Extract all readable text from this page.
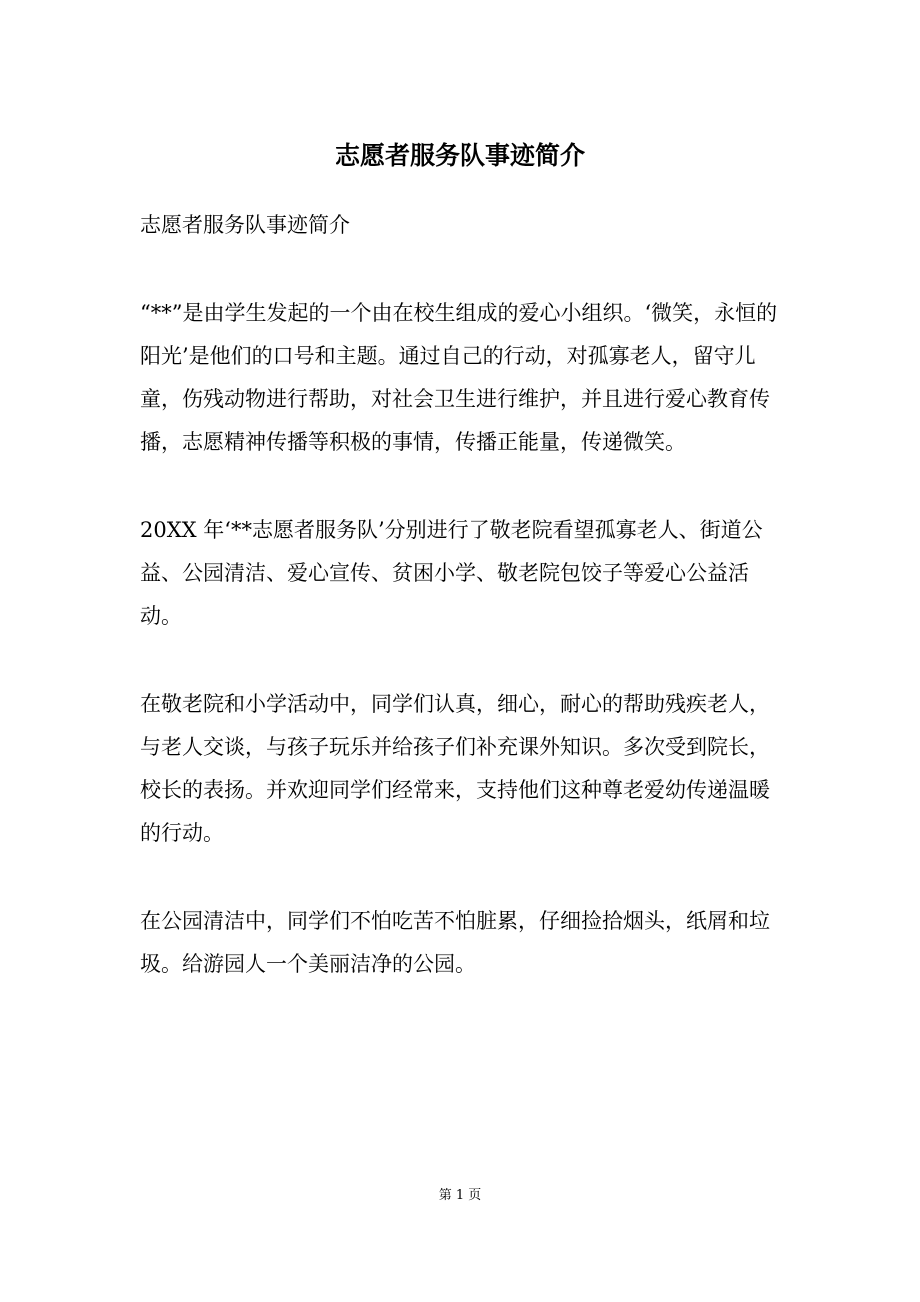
志愿者服务队事迹简介

志愿者服务队事迹简介

“**”是由学生发起的一个由在校生组成的爱心小组织。‘微笑，永恒的阳光’是他们的口号和主题。通过自己的行动，对孤寡老人，留守儿童，伤残动物进行帮助，对社会卫生进行维护，并且进行爱心教育传播，志愿精神传播等积极的事情，传播正能量，传递微笑。

20XX 年‘**志愿者服务队’分别进行了敬老院看望孤寡老人、街道公益、公园清洁、爱心宣传、贫困小学、敬老院包饺子等爱心公益活动。

在敬老院和小学活动中，同学们认真，细心，耐心的帮助残疾老人，与老人交谈，与孩子玩乐并给孩子们补充课外知识。多次受到院长，校长的表扬。并欢迎同学们经常来，支持他们这种尊老爱幼传递温暖的行动。

在公园清洁中，同学们不怕吃苦不怕脏累，仔细捡拾烟头，纸屑和垃圾。给游园人一个美丽洁净的公园。

第 1 页
